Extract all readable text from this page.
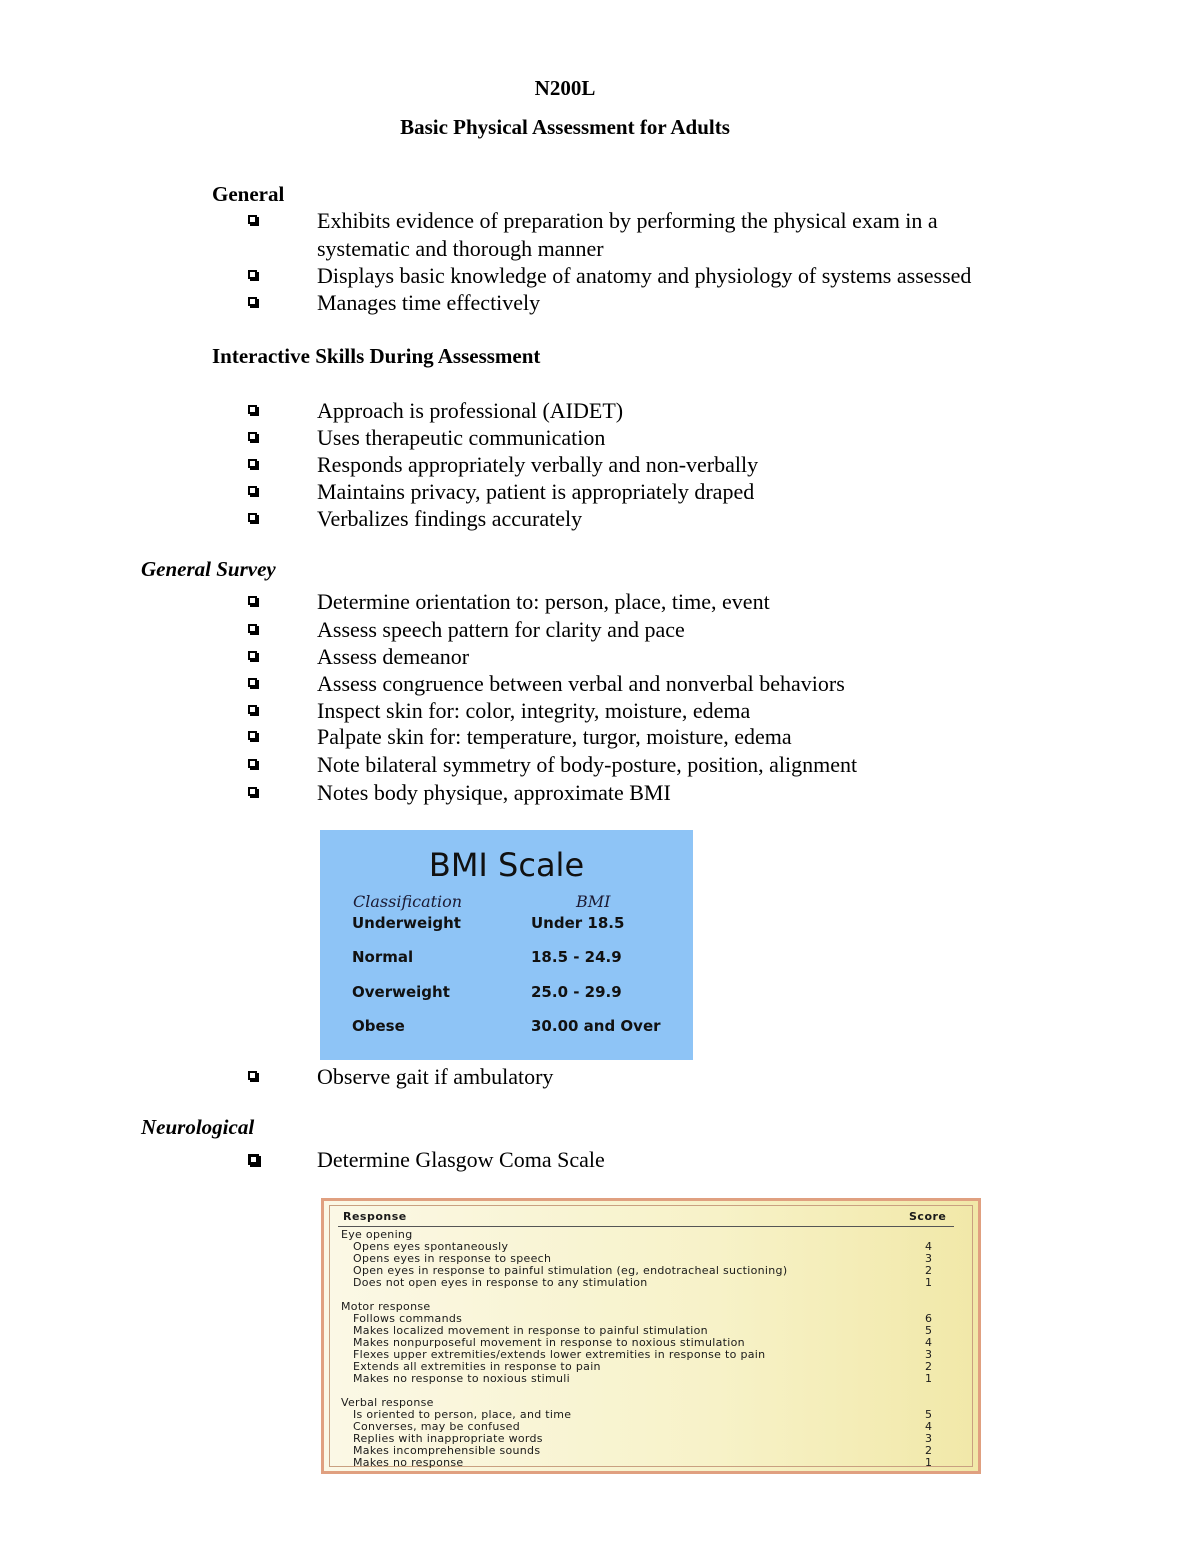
N200L
Basic Physical Assessment for Adults
General
Exhibits evidence of preparation by performing the physical exam in a
systematic and thorough manner
Displays basic knowledge of anatomy and physiology of systems assessed
Manages time effectively
Interactive Skills During Assessment
Approach is professional (AIDET)
Uses therapeutic communication
Responds appropriately verbally and non-verbally
Maintains privacy, patient is appropriately draped
Verbalizes findings accurately
General Survey
Determine orientation to: person, place, time, event
Assess speech pattern for clarity and pace
Assess demeanor
Assess congruence between verbal and nonverbal behaviors
Inspect skin for: color, integrity, moisture, edema
Palpate skin for: temperature, turgor, moisture, edema
Note bilateral symmetry of body-posture, position, alignment
Notes body physique, approximate BMI
BMI Scale
Classification	BMI
Underweight	Under 18.5
Normal	18.5 - 24.9
Overweight	25.0 - 29.9
Obese	30.00 and Over
Observe gait if ambulatory
Neurological
Determine Glasgow Coma Scale
Response	Score
Eye opening
Opens eyes spontaneously	4
Opens eyes in response to speech	3
Open eyes in response to painful stimulation (eg, endotracheal suctioning)	2
Does not open eyes in response to any stimulation	1
Motor response
Follows commands	6
Makes localized movement in response to painful stimulation	5
Makes nonpurposeful movement in response to noxious stimulation	4
Flexes upper extremities/extends lower extremities in response to pain	3
Extends all extremities in response to pain	2
Makes no response to noxious stimuli	1
Verbal response
Is oriented to person, place, and time	5
Converses, may be confused	4
Replies with inappropriate words	3
Makes incomprehensible sounds	2
Makes no response	1
